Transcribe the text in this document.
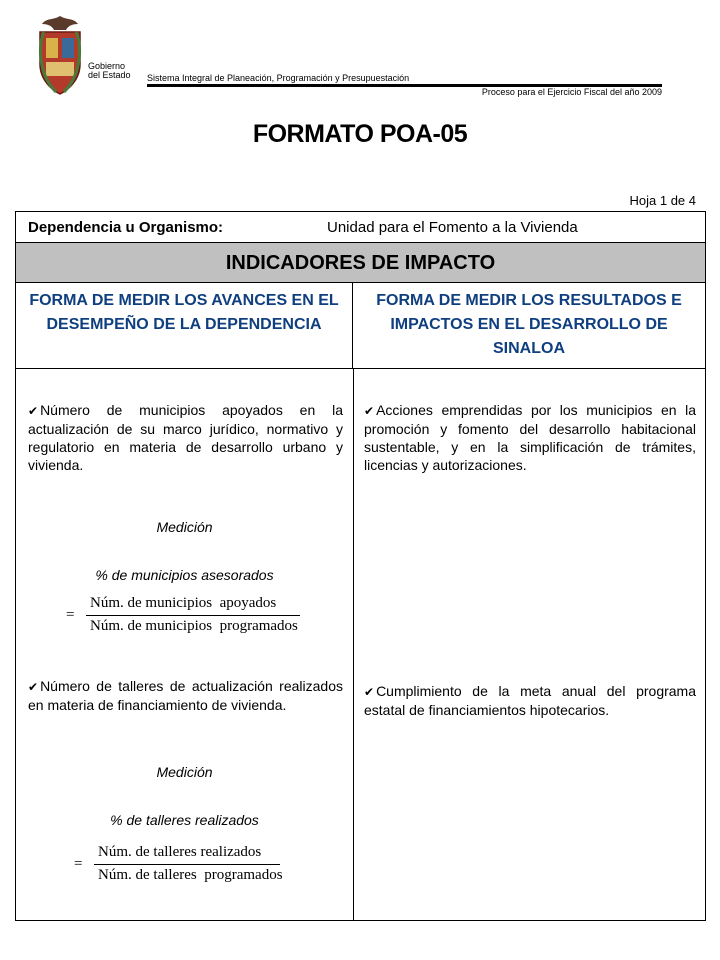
Gobierno
del Estado Sistema Integral de Planeación, Programación y Presupuestación
Proceso para el Ejercicio Fiscal del año 2009
FORMATO POA-05
Hoja 1 de 4
Dependencia u Organismo:	Unidad para el Fomento a la Vivienda
INDICADORES DE IMPACTO
FORMA DE MEDIR LOS AVANCES EN EL DESEMPEÑO DE LA DEPENDENCIA
FORMA DE MEDIR LOS RESULTADOS E IMPACTOS EN EL DESARROLLO DE SINALOA
✔ Número de municipios apoyados en la actualización de su marco jurídico, normativo y regulatorio en materia de desarrollo urbano y vivienda.
Medición
% de municipios asesorados
=
Núm. de municipios  apoyados
Núm. de municipios  programados
✔ Número de talleres de actualización realizados en materia de financiamiento de vivienda.
Medición
% de talleres realizados
=
Núm. de talleres realizados
Núm. de talleres  programados
✔ Acciones emprendidas por los municipios en la promoción y fomento del desarrollo habitacional sustentable, y en la simplificación de trámites, licencias y autorizaciones.
✔ Cumplimiento de la meta anual del programa estatal de financiamientos hipotecarios.
